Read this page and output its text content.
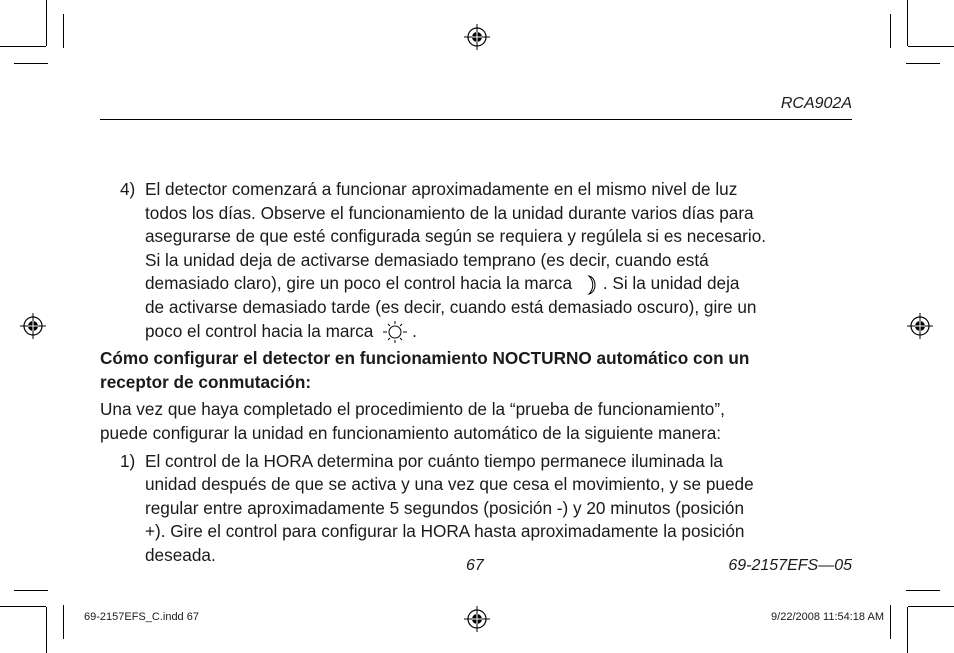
RCA902A
4) El detector comenzará a funcionar aproximadamente en el mismo nivel de luz
todos los días. Observe el funcionamiento de la unidad durante varios días para
asegurarse de que esté configurada según se requiera y regúlela si es necesario.
Si la unidad deja de activarse demasiado temprano (es decir, cuando está
demasiado claro), gire un poco el control hacia la marca . Si la unidad deja
de activarse demasiado tarde (es decir, cuando está demasiado oscuro), gire un
poco el control hacia la marca .
Cómo configurar el detector en funcionamiento NOCTURNO automático con un
receptor de conmutación:
Una vez que haya completado el procedimiento de la “prueba de funcionamiento”,
puede configurar la unidad en funcionamiento automático de la siguiente manera:
1) El control de la HORA determina por cuánto tiempo permanece iluminada la
unidad después de que se activa y una vez que cesa el movimiento, y se puede
regular entre aproximadamente 5 segundos (posición -) y 20 minutos (posición
+). Gire el control para configurar la HORA hasta aproximadamente la posición
deseada.
67	69-2157EFS—05
69-2157EFS_C.indd 67	9/22/2008 11:54:18 AM
